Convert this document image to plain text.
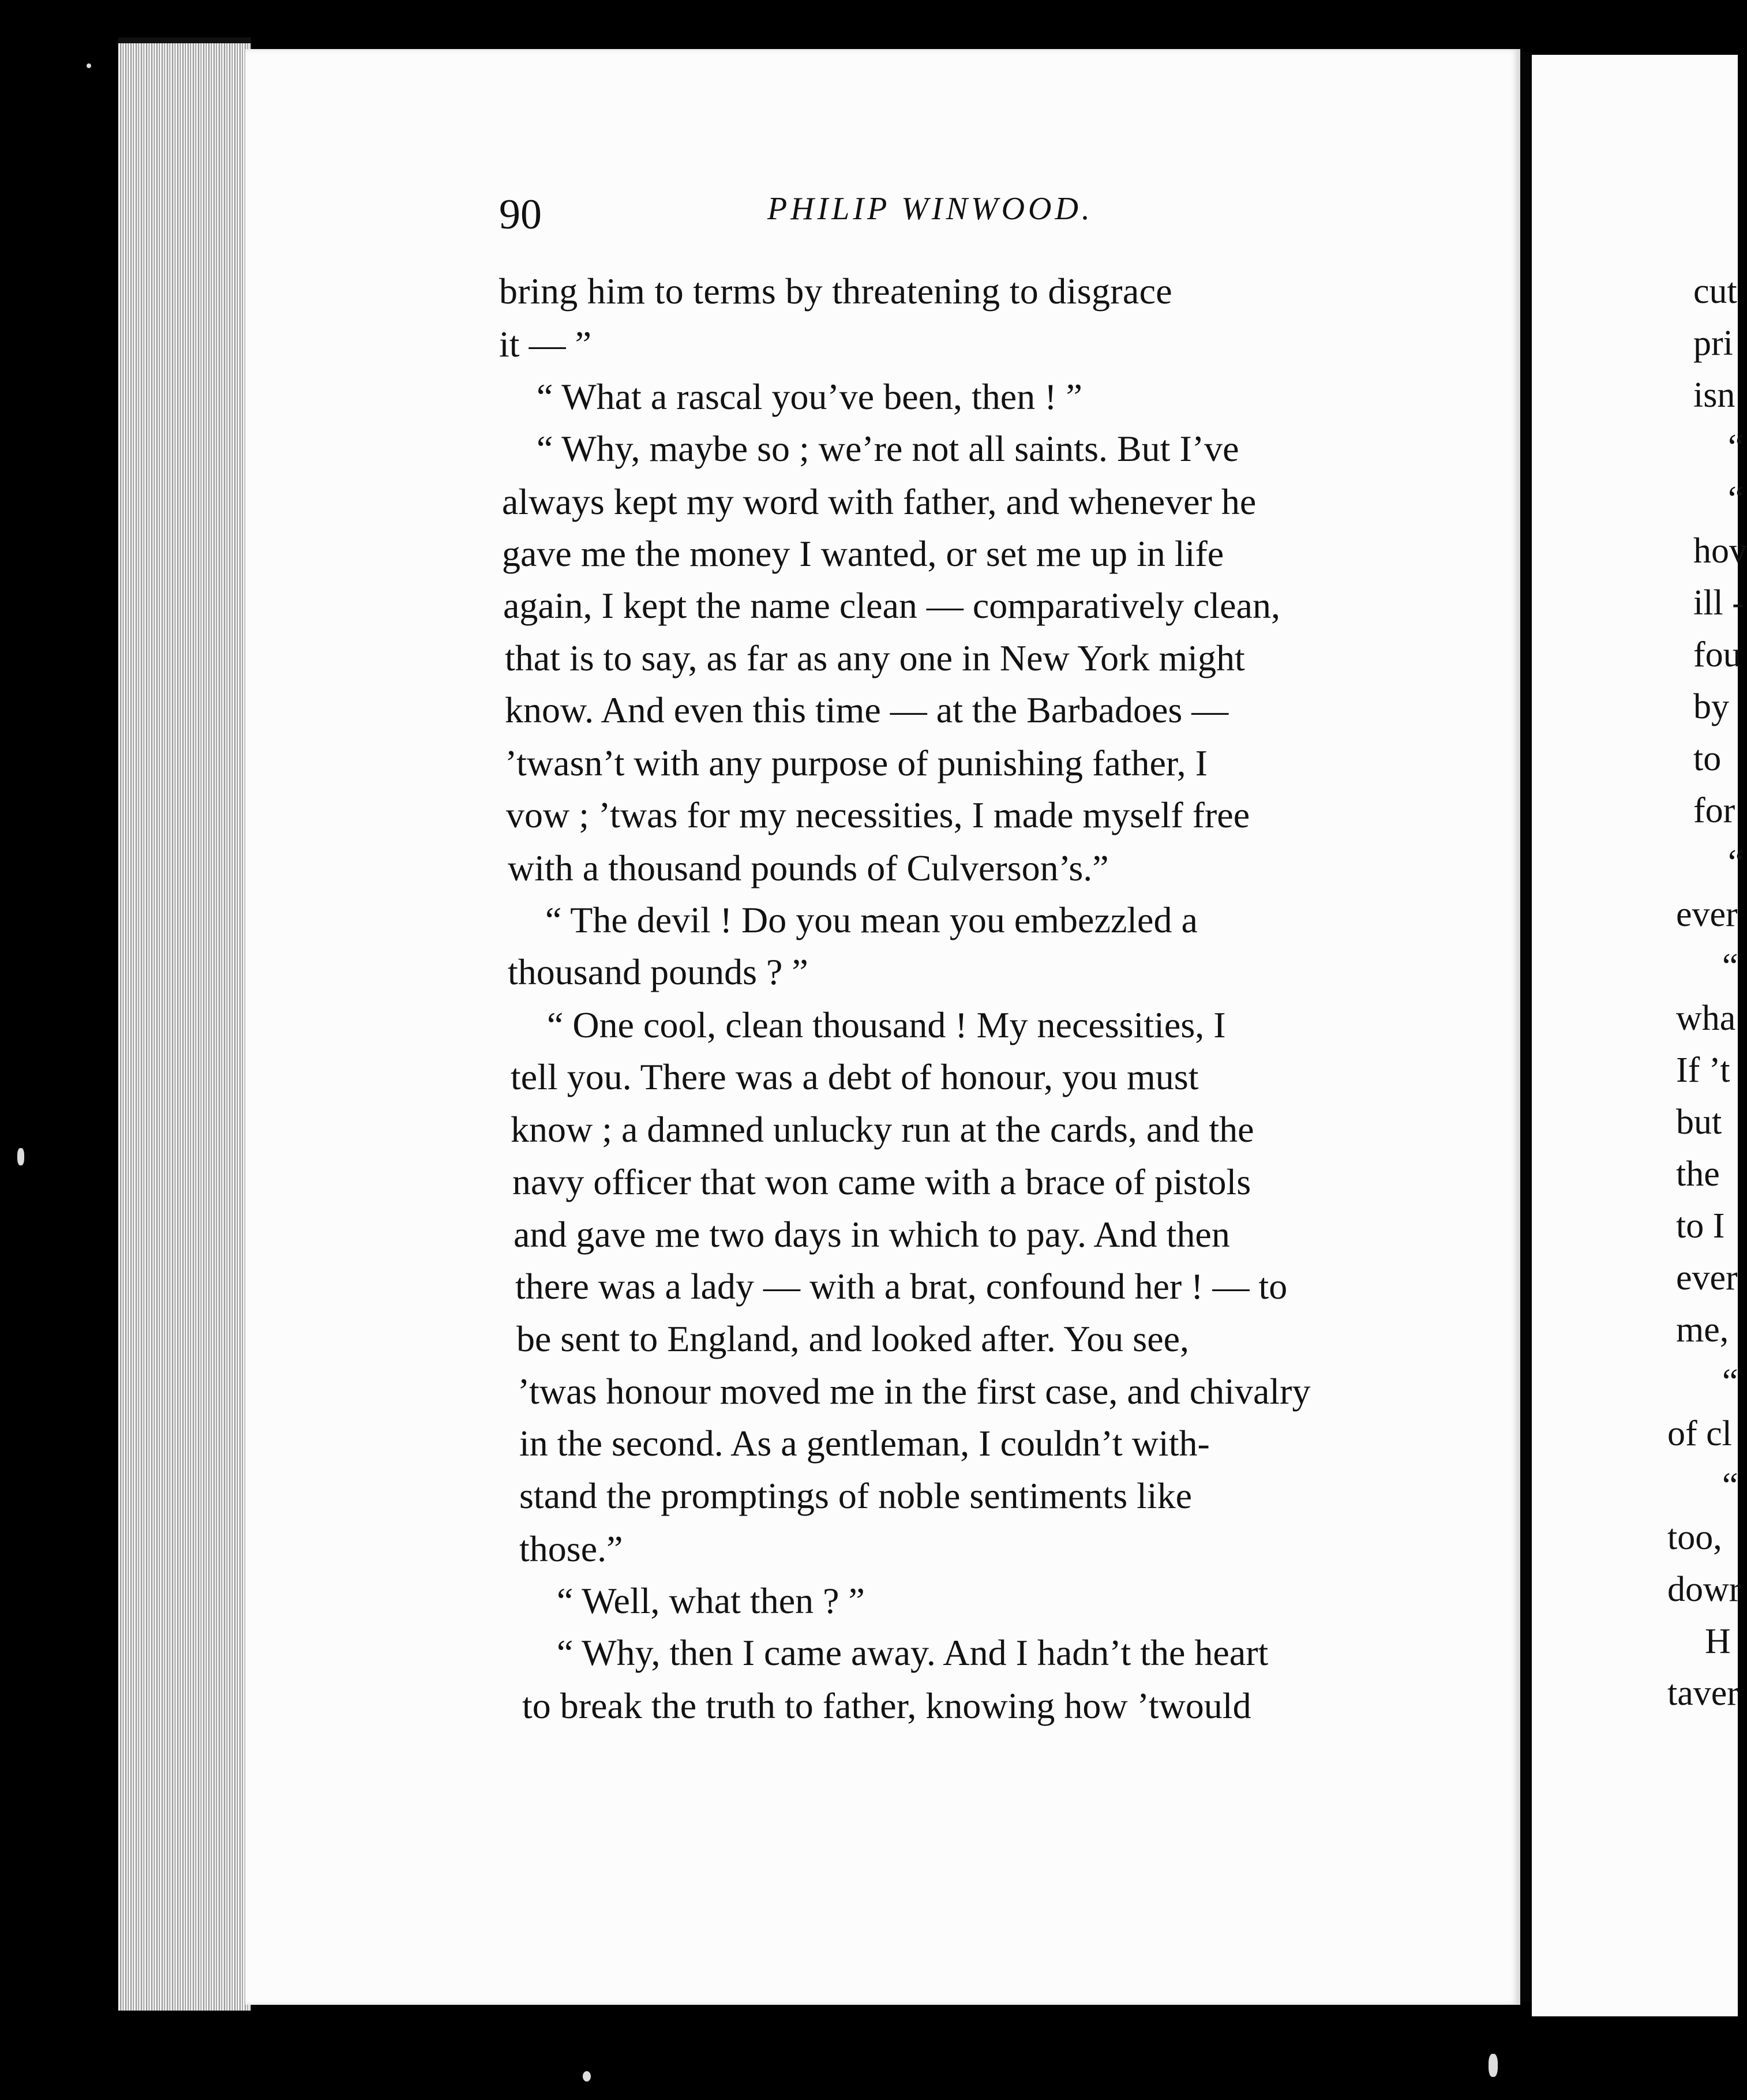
90	PHILIP WINWOOD.
bring him to terms by threatening to disgrace
it — ”
“ What a rascal you’ve been, then ! ”
“ Why, maybe so ; we’re not all saints. But I’ve
always kept my word with father, and whenever he
gave me the money I wanted, or set me up in life
again, I kept the name clean — comparatively clean,
that is to say, as far as any one in New York might
know. And even this time — at the Barbadoes —
’twasn’t with any purpose of punishing father, I
vow ; ’twas for my necessities, I made myself free
with a thousand pounds of Culverson’s.”
“ The devil ! Do you mean you embezzled a
thousand pounds ? ”
“ One cool, clean thousand ! My necessities, I
tell you. There was a debt of honour, you must
know ; a damned unlucky run at the cards, and the
navy officer that won came with a brace of pistols
and gave me two days in which to pay. And then
there was a lady — with a brat, confound her ! — to
be sent to England, and looked after. You see,
’twas honour moved me in the first case, and chivalry
in the second. As a gentleman, I couldn’t with-
stand the promptings of noble sentiments like
those.”
“ Well, what then ? ”
“ Why, then I came away. And I hadn’t the heart
to break the truth to father, knowing how ’twould
cut
pri
isn
“
“
hov
ill -
fou
by
to
for
“
ever
“
wha
If ’t
but
the
to I
ever
me,
“
of cl
“
too,
dowr
H
taver
